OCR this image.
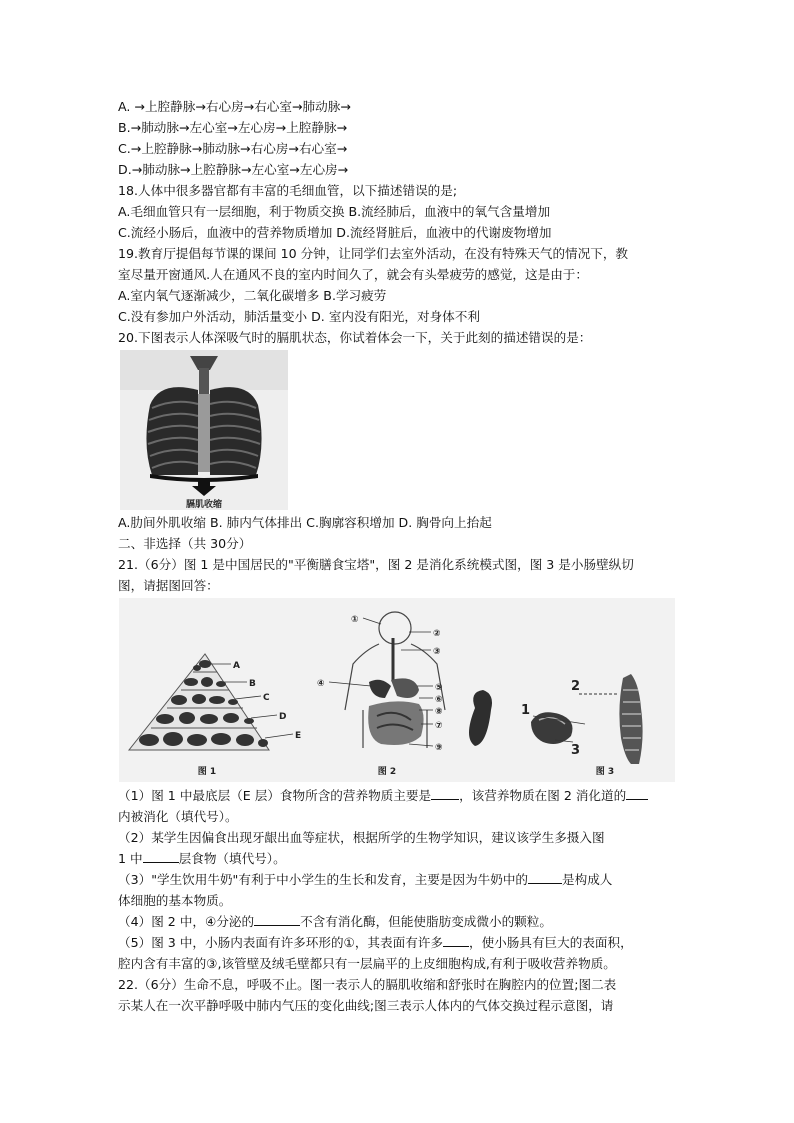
A. →上腔静脉→右心房→右心室→肺动脉→
B.→肺动脉→左心室→左心房→上腔静脉→
C.→上腔静脉→肺动脉→右心房→右心室→
D.→肺动脉→上腔静脉→左心室→左心房→
18.人体中很多器官都有丰富的毛细血管，以下描述错误的是;
A.毛细血管只有一层细胞，利于物质交换 B.流经肺后，血液中的氧气含量增加
C.流经小肠后，血液中的营养物质增加 D.流经肾脏后，血液中的代谢废物增加
19.教育厅提倡每节课的课间 10 分钟，让同学们去室外活动，在没有特殊天气的情况下，教
室尽量开窗通风.人在通风不良的室内时间久了，就会有头晕疲劳的感觉，这是由于：
A.室内氧气逐渐减少，二氧化碳增多 B.学习疲劳
C.没有参加户外活动，肺活量变小 D. 室内没有阳光，对身体不利
20.下图表示人体深吸气时的膈肌状态，你试着体会一下，关于此刻的描述错误的是：
膈肌收缩
A.肋间外肌收缩 B. 肺内气体排出 C.胸廓容积增加 D. 胸骨向上抬起
二、非选择（共 30分）
21.（6分）图 1 是中国居民的"平衡膳食宝塔"，图 2 是消化系统模式图，图 3 是小肠壁纵切
图，请据图回答：
A
B
C
D
E
图 1
①
②
③
④	⑤
⑥
⑧
⑦
⑨
图 2
1
2
3
图 3
（1）图 1 中最底层（E 层）食物所含的营养物质主要是 ，该营养物质在图 2 消化道的
内被消化（填代号）。
（2）某学生因偏食出现牙龈出血等症状，根据所学的生物学知识，建议该学生多摄入图
1 中	层食物（填代号）。
（3）"学生饮用牛奶"有利于中小学生的生长和发育，主要是因为牛奶中的	是构成人
体细胞的基本物质。
（4）图 2 中，④分泌的	不含有消化酶，但能使脂肪变成微小的颗粒。
（5）图 3 中，小肠内表面有许多环形的①，其表面有许多 ，使小肠具有巨大的表面积，
腔内含有丰富的③,该管壁及绒毛壁都只有一层扁平的上皮细胞构成,有利于吸收营养物质。
22.（6分）生命不息，呼吸不止。图一表示人的膈肌收缩和舒张时在胸腔内的位置;图二表
示某人在一次平静呼吸中肺内气压的变化曲线;图三表示人体内的气体交换过程示意图，请
